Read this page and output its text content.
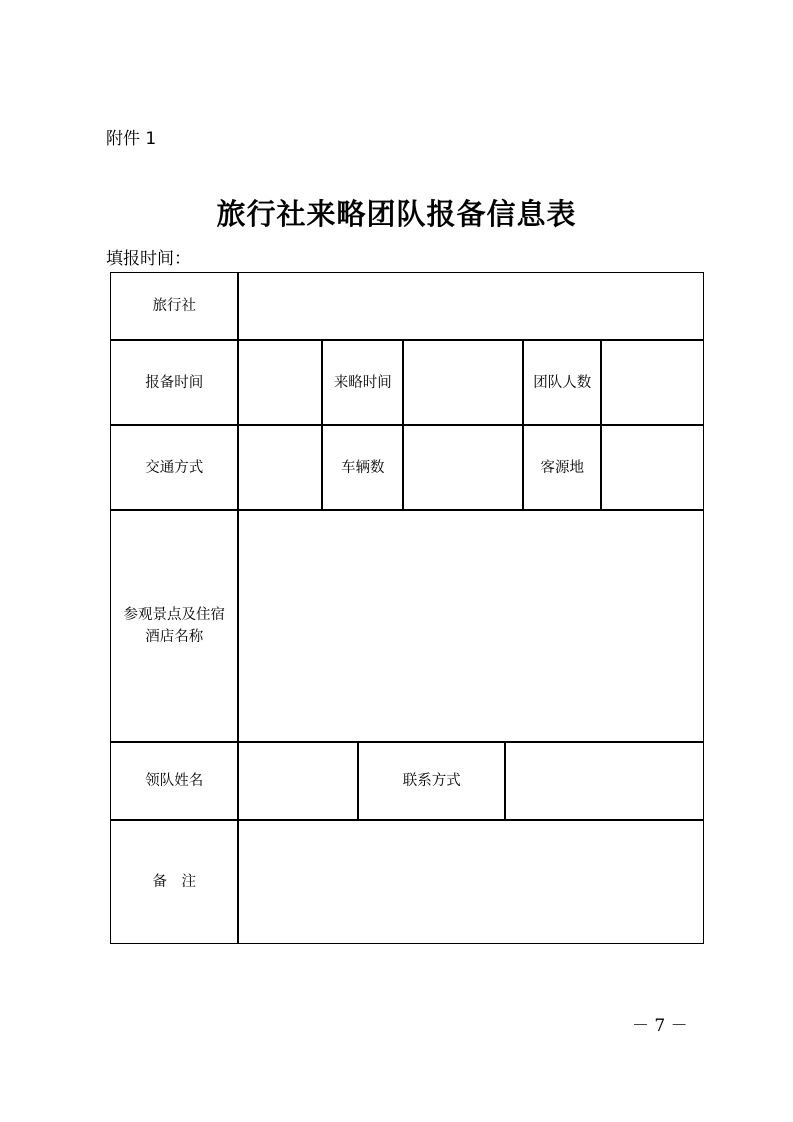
附件 1
旅行社来略团队报备信息表
填报时间：
旅行社
报备时间	来略时间	团队人数
交通方式	车辆数	客源地
参观景点及住宿
酒店名称
领队姓名	联系方式
备　注
－ 7 －
